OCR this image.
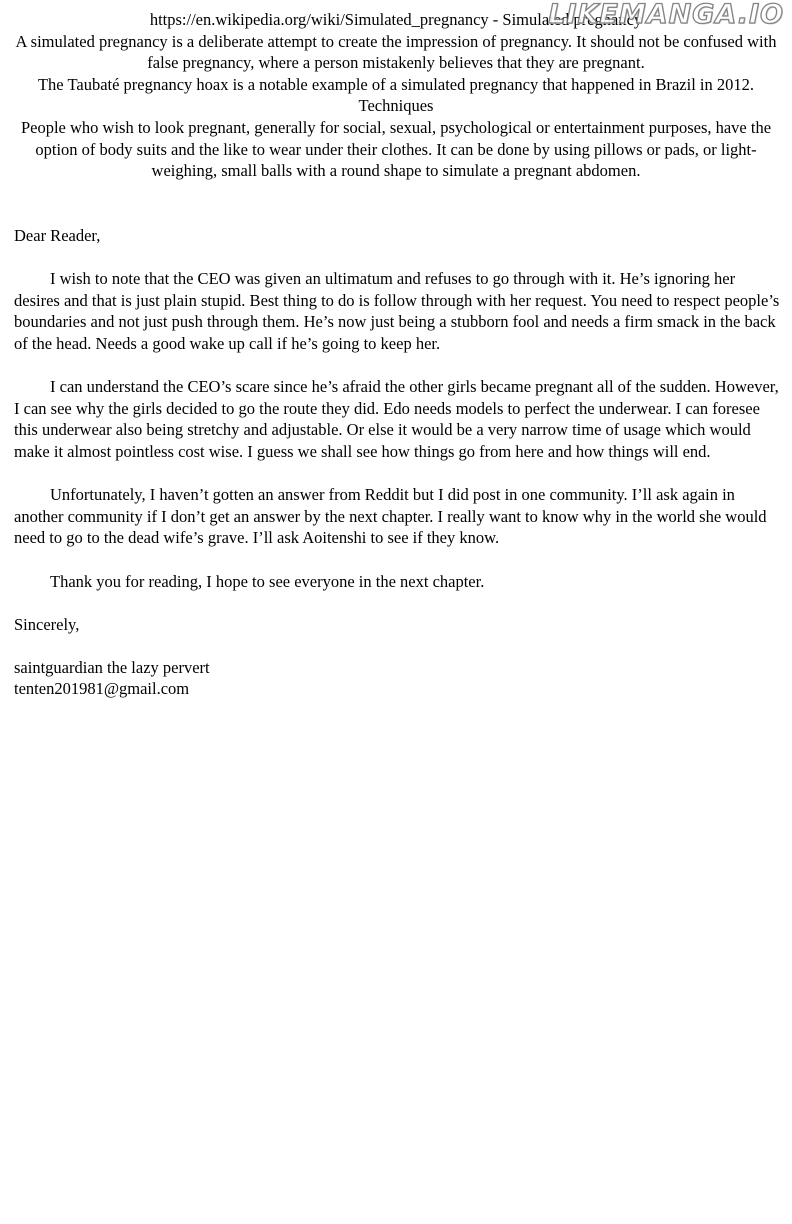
https://en.wikipedia.org/wiki/Simulated_pregnancy - Simulated pregnancy

A simulated pregnancy is a deliberate attempt to create the impression of pregnancy. It should not be confused with false pregnancy, where a person mistakenly believes that they are pregnant.

The Taubaté pregnancy hoax is a notable example of a simulated pregnancy that happened in Brazil in 2012.

Techniques

People who wish to look pregnant, generally for social, sexual, psychological or entertainment purposes, have the option of body suits and the like to wear under their clothes. It can be done by using pillows or pads, or light-weighing, small balls with a round shape to simulate a pregnant abdomen.

Dear Reader,

I wish to note that the CEO was given an ultimatum and refuses to go through with it. He’s ignoring her desires and that is just plain stupid. Best thing to do is follow through with her request. You need to respect people’s boundaries and not just push through them. He’s now just being a stubborn fool and needs a firm smack in the back of the head. Needs a good wake up call if he’s going to keep her.

I can understand the CEO’s scare since he’s afraid the other girls became pregnant all of the sudden. However, I can see why the girls decided to go the route they did. Edo needs models to perfect the underwear. I can foresee this underwear also being stretchy and adjustable. Or else it would be a very narrow time of usage which would make it almost pointless cost wise. I guess we shall see how things go from here and how things will end.

Unfortunately, I haven’t gotten an answer from Reddit but I did post in one community. I’ll ask again in another community if I don’t get an answer by the next chapter. I really want to know why in the world she would need to go to the dead wife’s grave. I’ll ask Aoitenshi to see if they know.

Thank you for reading, I hope to see everyone in the next chapter.

Sincerely,

saintguardian the lazy pervert

tenten201981@gmail.com

LIKEMANGA.IO
